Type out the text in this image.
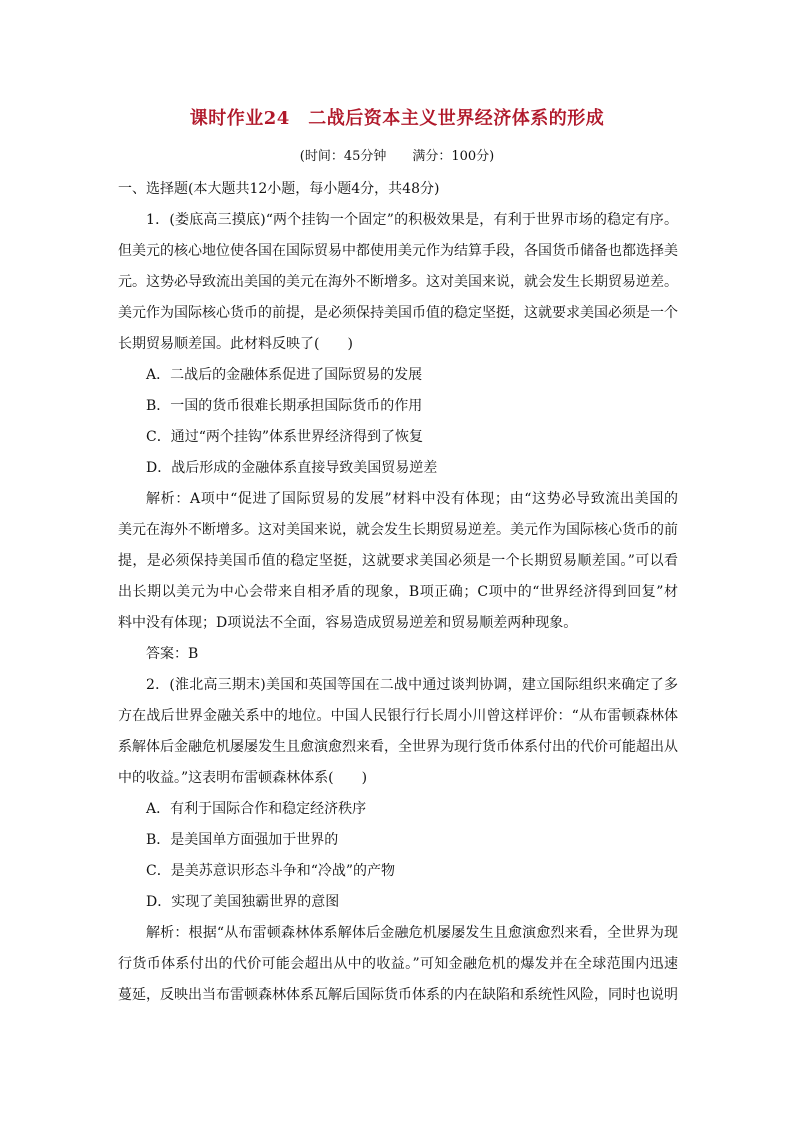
课时作业24　二战后资本主义世界经济体系的形成
(时间：45分钟　　满分：100分)
一、选择题(本大题共12小题，每小题4分，共48分)
1．(娄底高三摸底)“两个挂钩一个固定”的积极效果是，有利于世界市场的稳定有序。
但美元的核心地位使各国在国际贸易中都使用美元作为结算手段，各国货币储备也都选择美
元。这势必导致流出美国的美元在海外不断增多。这对美国来说，就会发生长期贸易逆差。
美元作为国际核心货币的前提，是必须保持美国币值的稳定坚挺，这就要求美国必须是一个
长期贸易顺差国。此材料反映了(　　)
A．二战后的金融体系促进了国际贸易的发展
B．一国的货币很难长期承担国际货币的作用
C．通过“两个挂钩”体系世界经济得到了恢复
D．战后形成的金融体系直接导致美国贸易逆差
解析：A项中“促进了国际贸易的发展”材料中没有体现；由“这势必导致流出美国的
美元在海外不断增多。这对美国来说，就会发生长期贸易逆差。美元作为国际核心货币的前
提，是必须保持美国币值的稳定坚挺，这就要求美国必须是一个长期贸易顺差国。”可以看
出长期以美元为中心会带来自相矛盾的现象，B项正确；C项中的“世界经济得到回复”材
料中没有体现；D项说法不全面，容易造成贸易逆差和贸易顺差两种现象。
答案：B
2．(淮北高三期末)美国和英国等国在二战中通过谈判协调，建立国际组织来确定了多
方在战后世界金融关系中的地位。中国人民银行行长周小川曾这样评价：“从布雷顿森林体
系解体后金融危机屡屡发生且愈演愈烈来看，全世界为现行货币体系付出的代价可能超出从
中的收益。”这表明布雷顿森林体系(　　)
A．有利于国际合作和稳定经济秩序
B．是美国单方面强加于世界的
C．是美苏意识形态斗争和“冷战”的产物
D．实现了美国独霸世界的意图
解析：根据“从布雷顿森林体系解体后金融危机屡屡发生且愈演愈烈来看，全世界为现
行货币体系付出的代价可能会超出从中的收益。”可知金融危机的爆发并在全球范围内迅速
蔓延，反映出当布雷顿森林体系瓦解后国际货币体系的内在缺陷和系统性风险，同时也说明
